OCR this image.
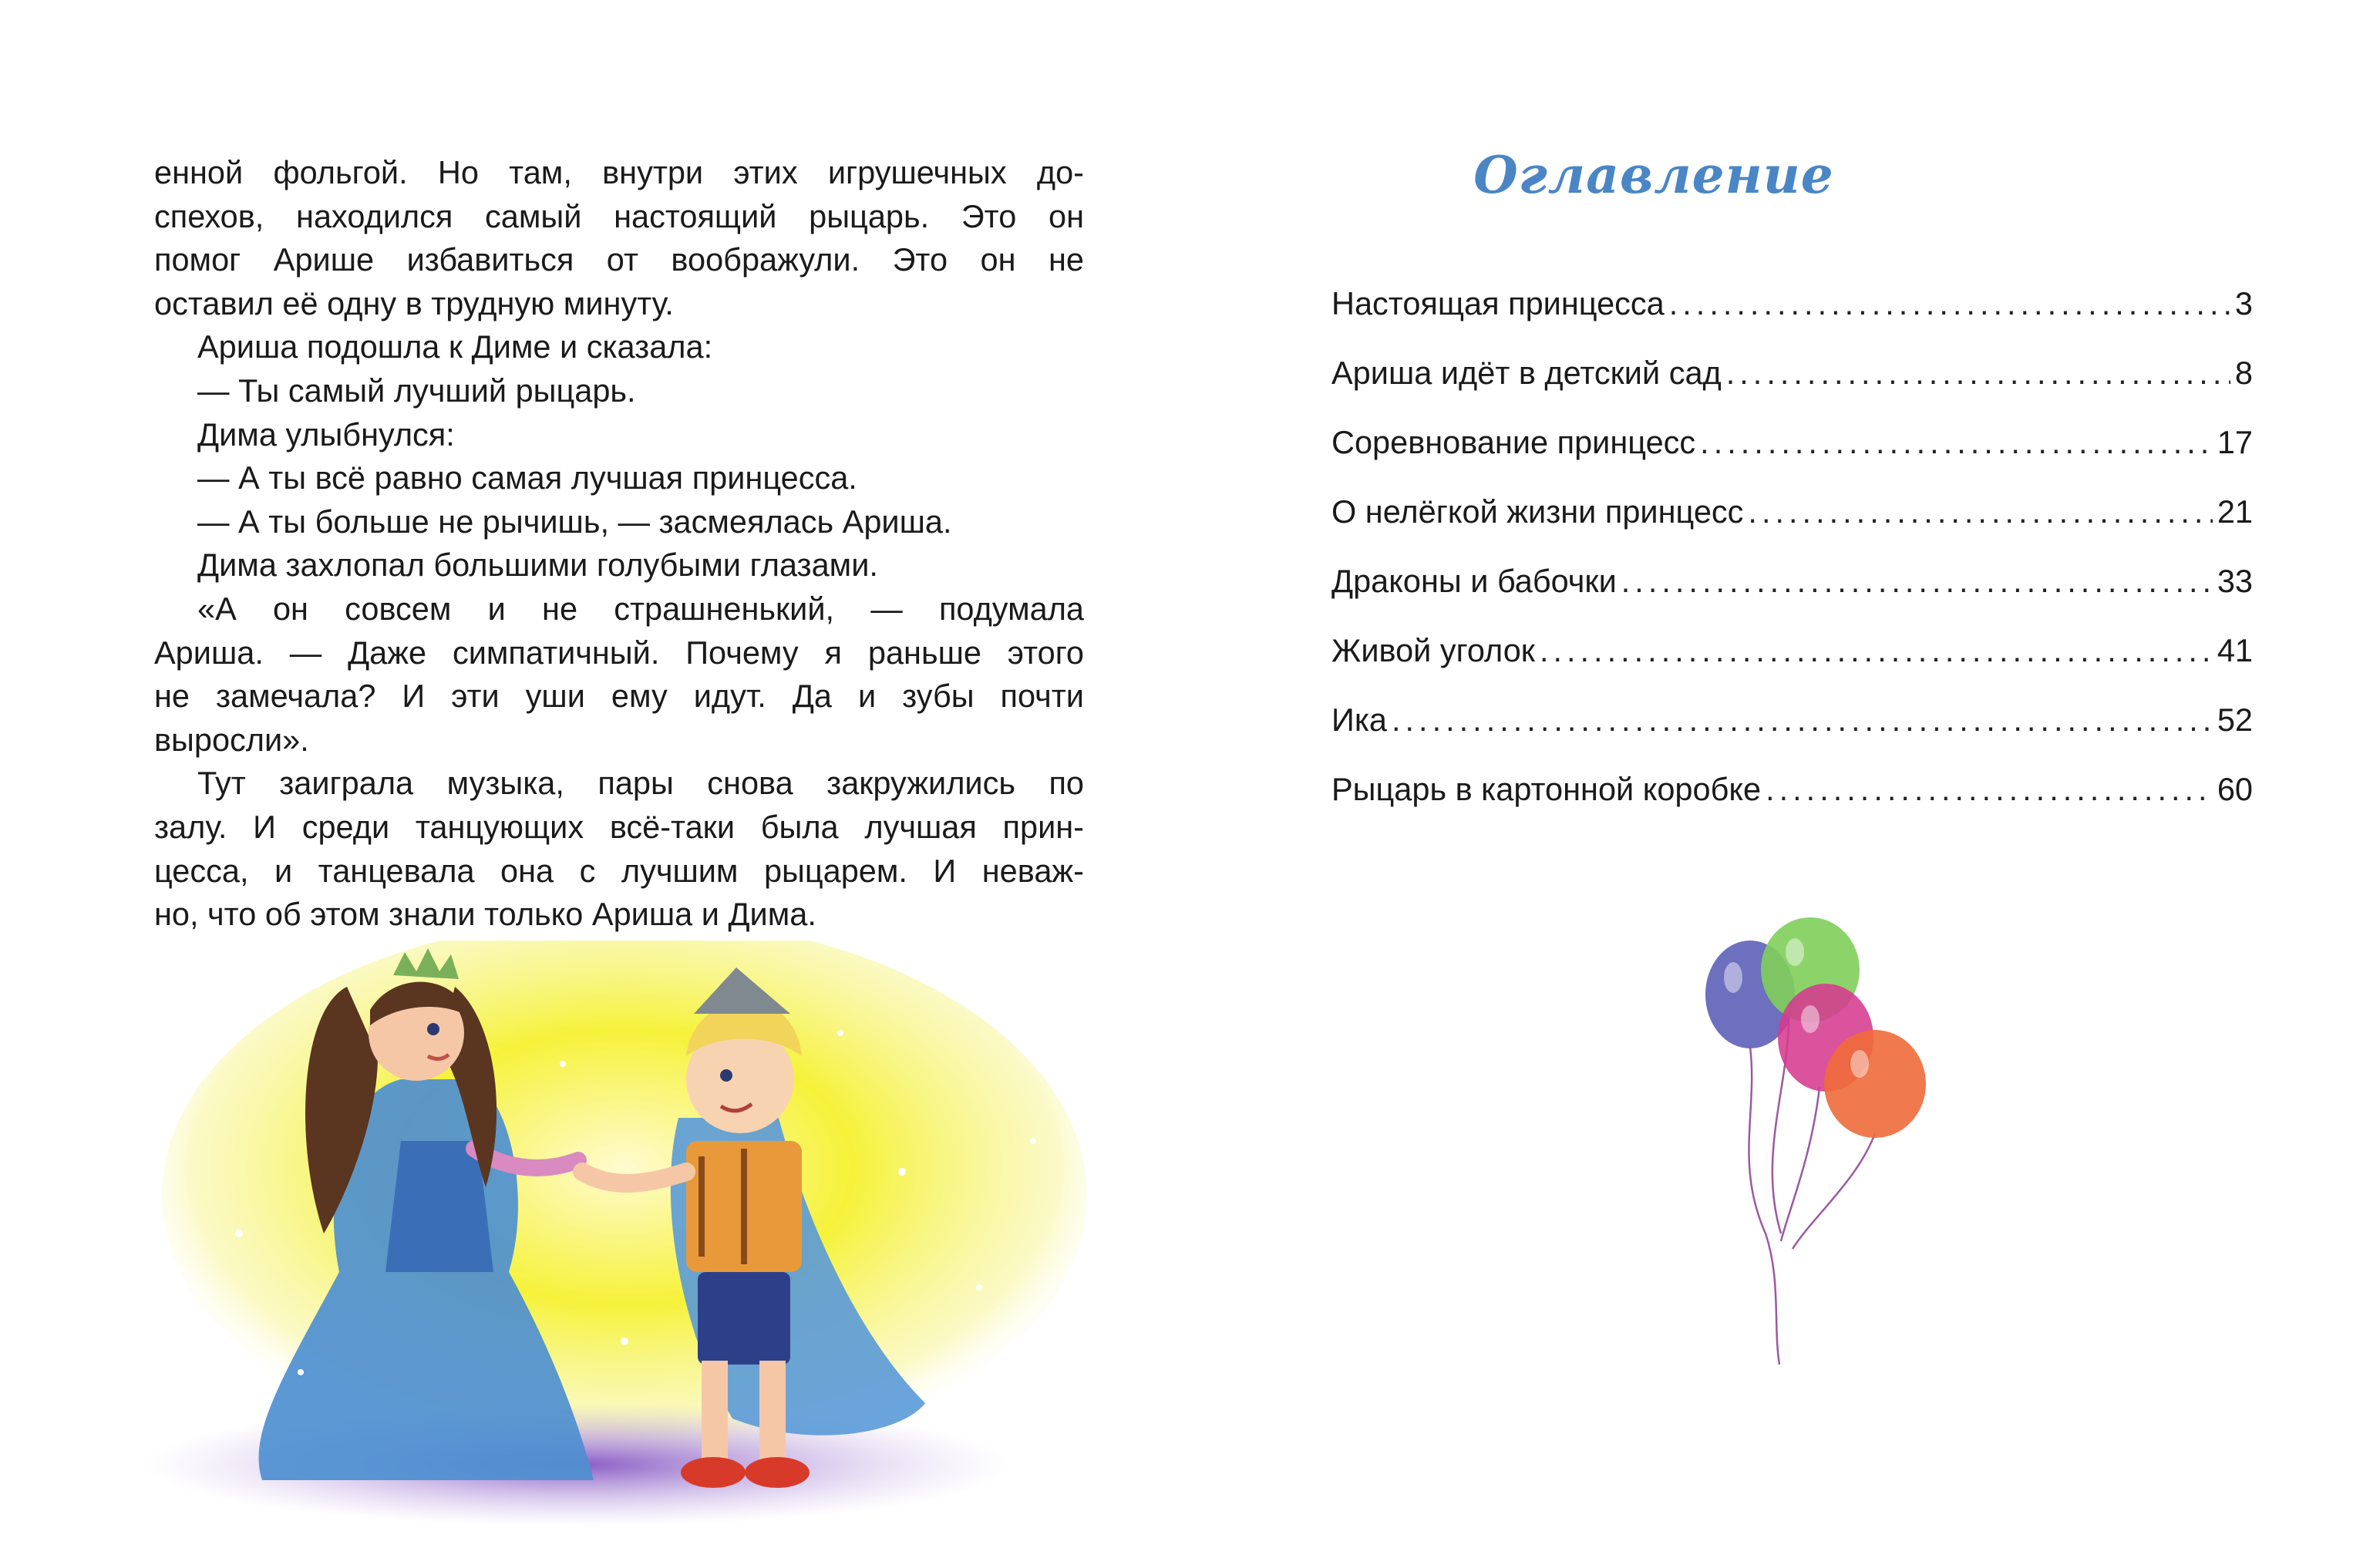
енной фольгой. Но там, внутри этих игрушечных до-

спехов, находился самый настоящий рыцарь. Это он

помог Арише избавиться от воображули. Это он не

оставил её одну в трудную минуту.

Ариша подошла к Диме и сказала:

— Ты самый лучший рыцарь.

Дима улыбнулся:

— А ты всё равно самая лучшая принцесса.

— А ты больше не рычишь, — засмеялась Ариша.

Дима захлопал большими голубыми глазами.

«А он совсем и не страшненький, — подумала

Ариша. — Даже симпатичный. Почему я раньше этого

не замечала? И эти уши ему идут. Да и зубы почти

выросли».

Тут заиграла музыка, пары снова закружились по

залу. И среди танцующих всё-таки была лучшая прин-

цесса, и танцевала она с лучшим рыцарем. И неваж-

но, что об этом знали только Ариша и Дима.

Оглавление
Настоящая принцесса .....	3
Ариша идёт в детский сад .....	8
Соревнование принцесс .....	17
О нелёгкой жизни принцесс .....	21
Драконы и бабочки .....	33
Живой уголок .....	41
Ика .....	52
Рыцарь в картонной коробке .....	60
